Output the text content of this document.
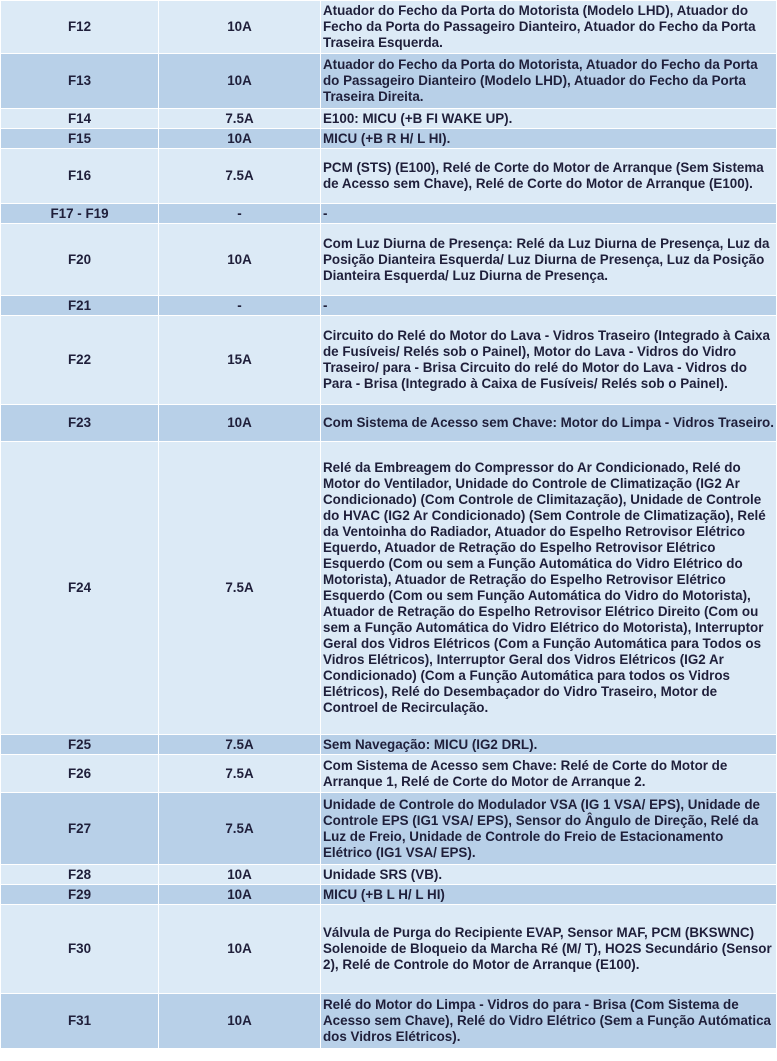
F12	10A	Atuador do Fecho da Porta do Motorista (Modelo LHD), Atuador do Fecho da Porta do Passageiro Dianteiro, Atuador do Fecho da Porta Traseira Esquerda.
F13	10A	Atuador do Fecho da Porta do Motorista, Atuador do Fecho da Porta do Passageiro Dianteiro (Modelo LHD), Atuador do Fecho da Porta Traseira Direita.
F14	7.5A	E100: MICU (+B FI WAKE UP).
F15	10A	MICU (+B R H/ L HI).
F16	7.5A	PCM (STS) (E100), Relé de Corte do Motor de Arranque (Sem Sistema de Acesso sem Chave), Relé de Corte do Motor de Arranque (E100).
F17 - F19	-	-
F20	10A	Com Luz Diurna de Presença: Relé da Luz Diurna de Presença, Luz da Posição Dianteira Esquerda/ Luz Diurna de Presença, Luz da Posição Dianteira Esquerda/ Luz Diurna de Presença.
F21	-	-
F22	15A	Circuito do Relé do Motor do Lava - Vidros Traseiro (Integrado à Caixa de Fusíveis/ Relés sob o Painel), Motor do Lava - Vidros do Vidro Traseiro/ para - Brisa Circuito do relé do Motor do Lava - Vidros do Para - Brisa (Integrado à Caixa de Fusíveis/ Relés sob o Painel).
F23	10A	Com Sistema de Acesso sem Chave: Motor do Limpa - Vidros Traseiro.
F24	7.5A	Relé da Embreagem do Compressor do Ar Condicionado, Relé do Motor do Ventilador, Unidade do Controle de Climatização (IG2 Ar Condicionado) (Com Controle de Climitazação), Unidade de Controle do HVAC (IG2 Ar Condicionado) (Sem Controle de Climatização), Relé da Ventoinha do Radiador, Atuador do Espelho Retrovisor Elétrico Equerdo, Atuador de Retração do Espelho Retrovisor Elétrico Esquerdo (Com ou sem a Função Automática do Vidro Elétrico do Motorista), Atuador de Retração do Espelho Retrovisor Elétrico Esquerdo (Com ou sem Função Automática do Vidro do Motorista), Atuador de Retração do Espelho Retrovisor Elétrico Direito (Com ou sem a Função Automática do Vidro Elétrico do Motorista), Interruptor Geral dos Vidros Elétricos (Com a Função Automática para Todos os Vidros Elétricos), Interruptor Geral dos Vidros Elétricos (IG2 Ar Condicionado) (Com a Função Automática para todos os Vidros Elétricos), Relé do Desembaçador do Vidro Traseiro, Motor de Controel de Recirculação.
F25	7.5A	Sem Navegação: MICU (IG2 DRL).
F26	7.5A	Com Sistema de Acesso sem Chave: Relé de Corte do Motor de Arranque 1, Relé de Corte do Motor de Arranque 2.
F27	7.5A	Unidade de Controle do Modulador VSA (IG 1 VSA/ EPS), Unidade de Controle EPS (IG1 VSA/ EPS), Sensor do Ângulo de Direção, Relé da Luz de Freio, Unidade de Controle do Freio de Estacionamento Elétrico (IG1 VSA/ EPS).
F28	10A	Unidade SRS (VB).
F29	10A	MICU (+B L H/ L HI)
F30	10A	Válvula de Purga do Recipiente EVAP, Sensor MAF, PCM (BKSWNC) Solenoide de Bloqueio da Marcha Ré (M/ T), HO2S Secundário (Sensor 2), Relé de Controle do Motor de Arranque (E100).
F31	10A	Relé do Motor do Limpa - Vidros do para - Brisa (Com Sistema de Acesso sem Chave), Relé do Vidro Elétrico (Sem a Função Autómatica dos Vidros Elétricos).
